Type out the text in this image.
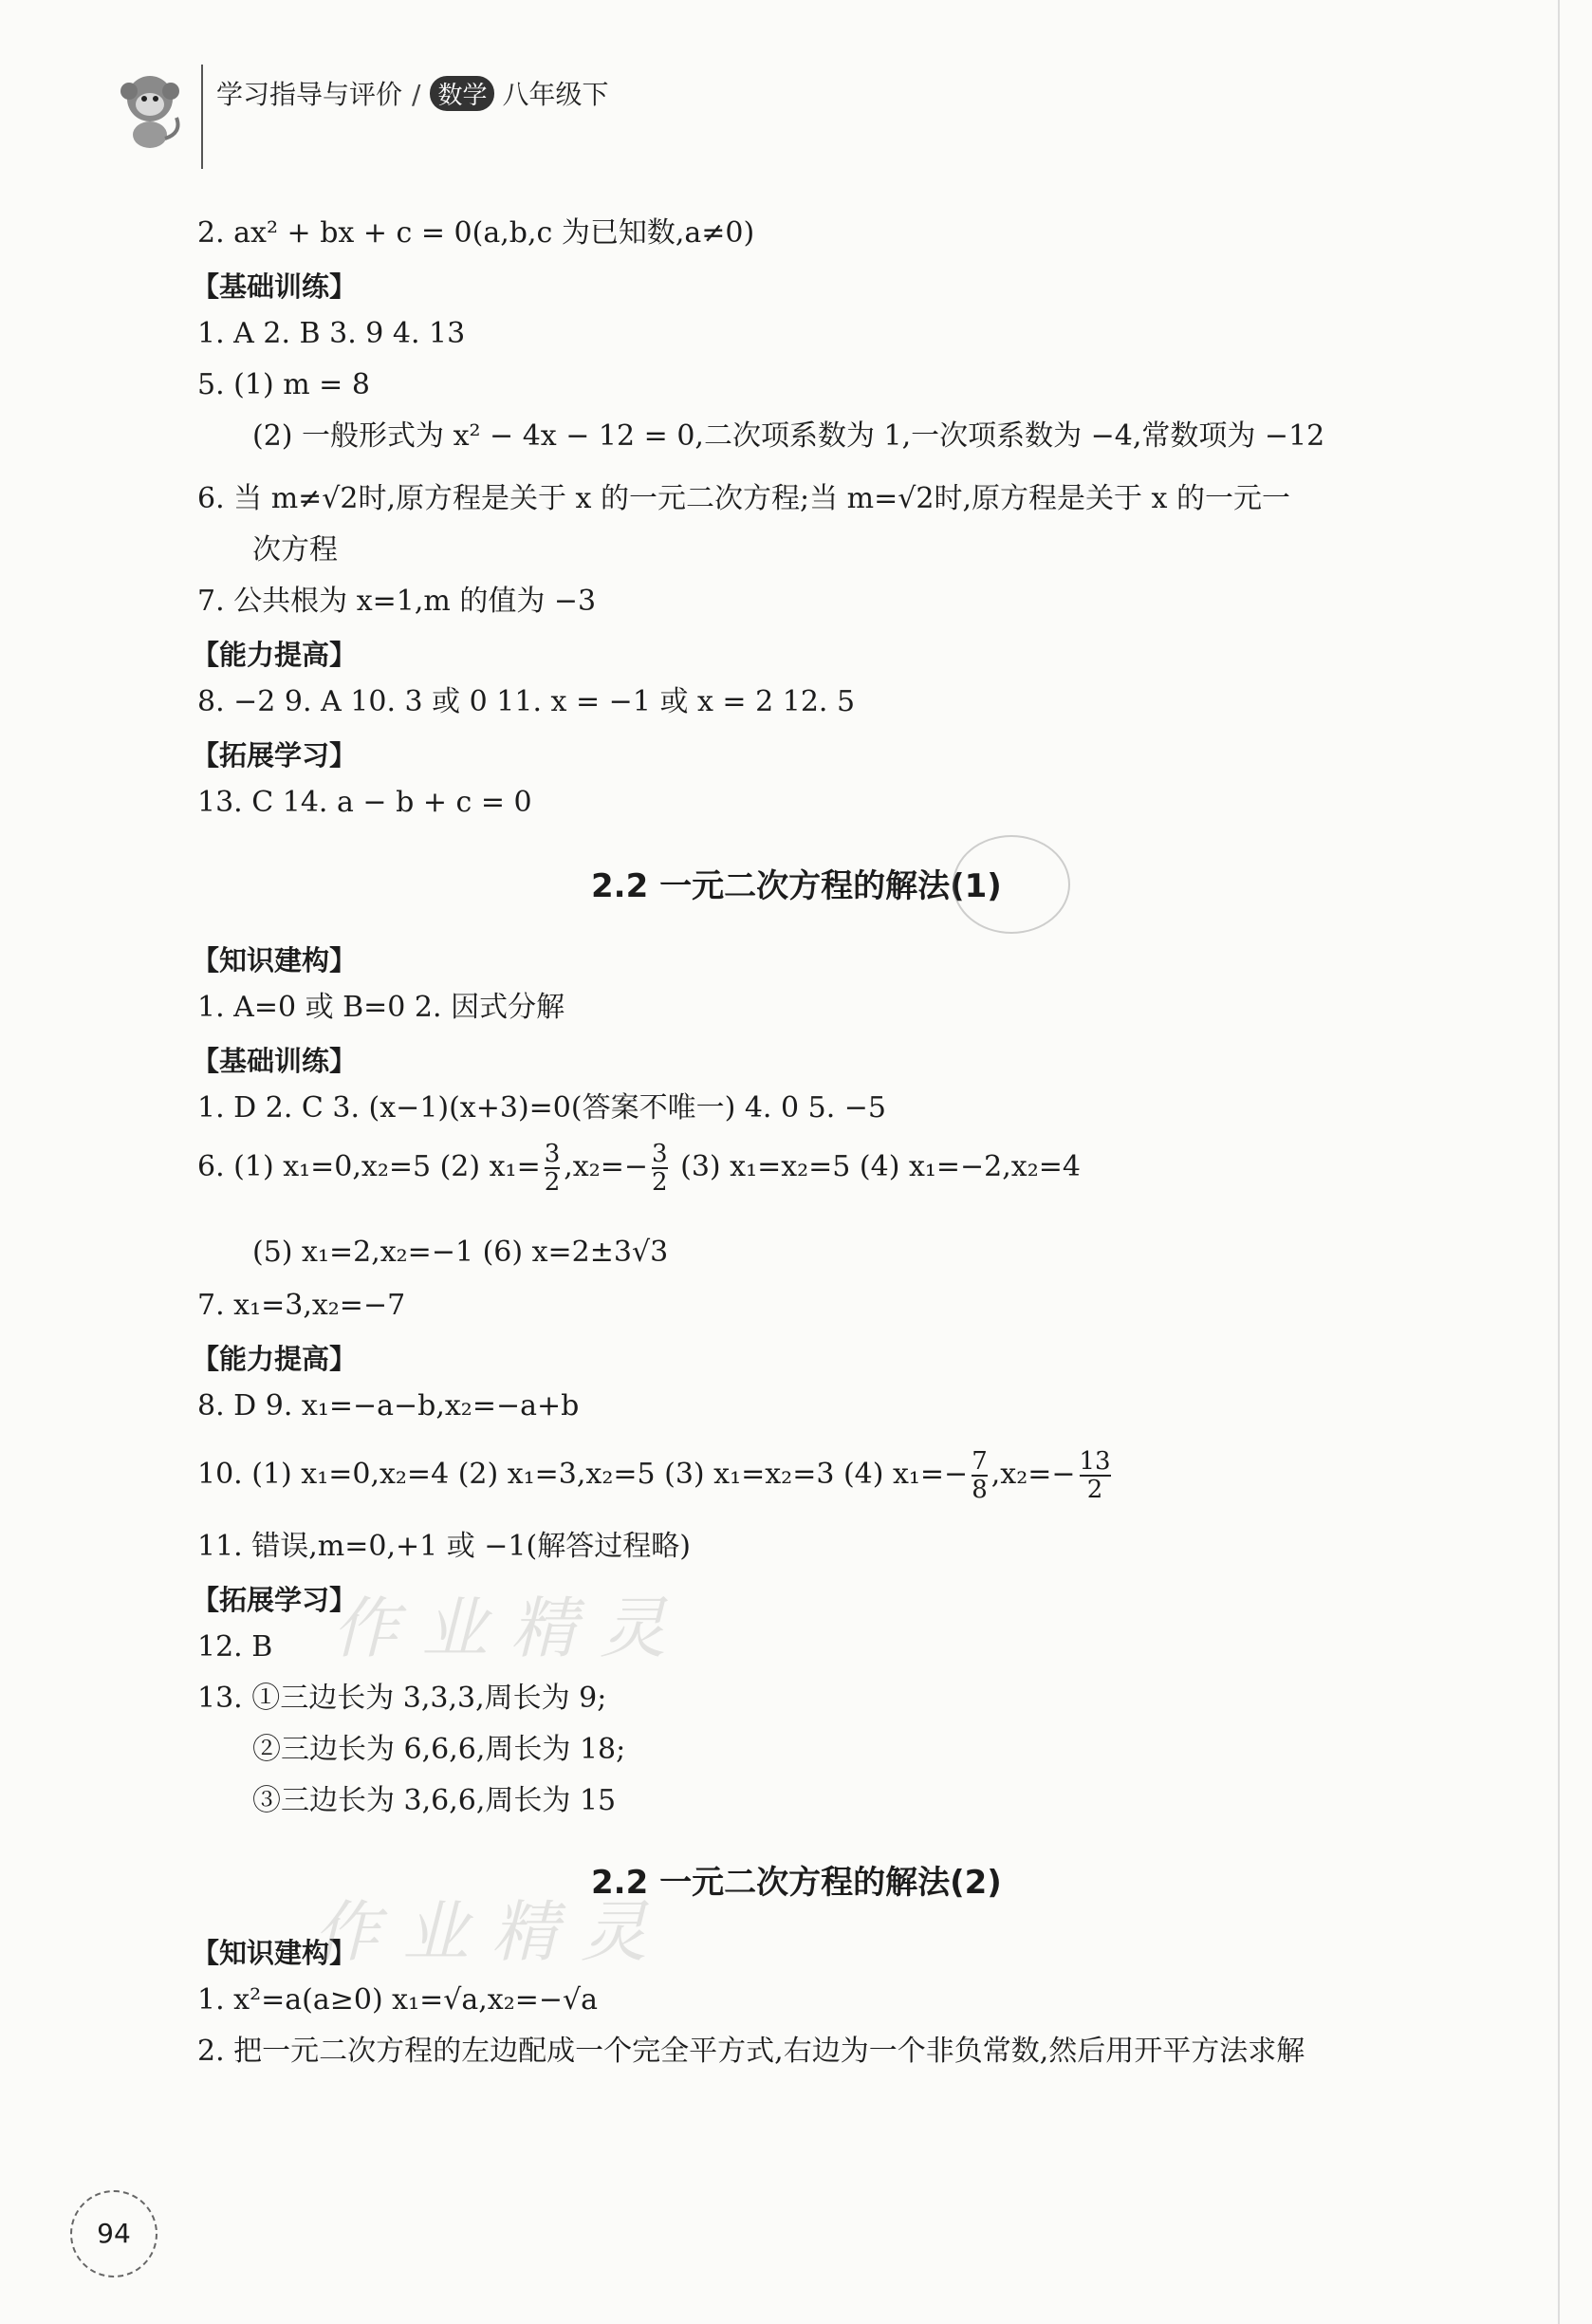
学习指导与评价 / 数学 八年级下
2. ax² + bx + c = 0(a,b,c 为已知数,a≠0)
【基础训练】
1. A 2. B 3. 9 4. 13
5. (1) m = 8
(2) 一般形式为 x² − 4x − 12 = 0,二次项系数为 1,一次项系数为 −4,常数项为 −12
6. 当 m≠√2时,原方程是关于 x 的一元二次方程;当 m=√2时,原方程是关于 x 的一元一
次方程
7. 公共根为 x=1,m 的值为 −3
【能力提高】
8. −2 9. A 10. 3 或 0 11. x = −1 或 x = 2 12. 5
【拓展学习】
13. C 14. a − b + c = 0
2.2 一元二次方程的解法(1)
【知识建构】
1. A=0 或 B=0 2. 因式分解
【基础训练】
1. D 2. C 3. (x−1)(x+3)=0(答案不唯一) 4. 0 5. −5
6. (1) x₁=0,x₂=5 (2) $x_1= \frac{3}{2} ,x_2=- \frac{3}{2} (3)$ x₁=x₂=5 (4) x₁=−2,x₂=4
(5) x₁=2,x₂=−1 (6) x=2±3√3
7. x₁=3,x₂=−7
【能力提高】
8. D 9. x₁=−a−b,x₂=−a+b
10. (1) x₁=0,x₂=4 (2) x₁=3,x₂=5 (3) x₁=x₂=3 (4) $x_1=- \frac{7}{8} ,x_2=- \frac{13}{2}$
11. 错误,m=0,+1 或 −1(解答过程略)
【拓展学习】
12. B
13. ①三边长为 3,3,3,周长为 9;
②三边长为 6,6,6,周长为 18;
③三边长为 3,6,6,周长为 15
2.2 一元二次方程的解法(2)
【知识建构】
1. x²=a(a≥0) x₁=√a,x₂=−√a
2. 把一元二次方程的左边配成一个完全平方式,右边为一个非负常数,然后用开平方法求解
作业精灵
作业精灵
94
